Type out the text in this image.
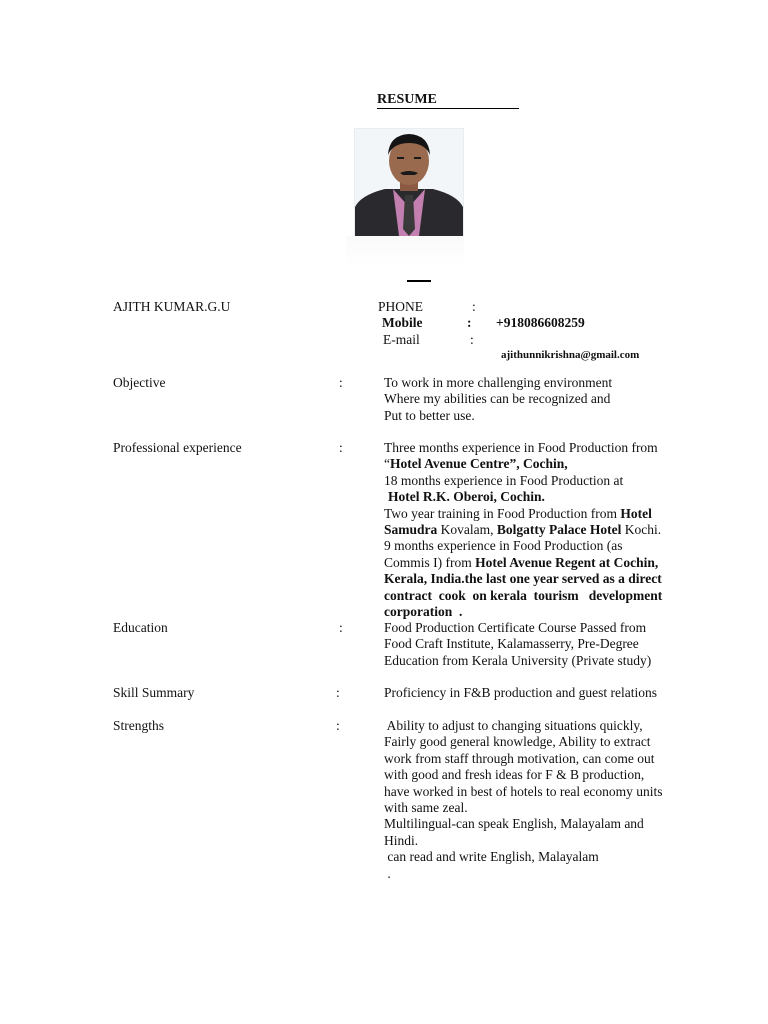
RESUME
AJITH KUMAR.G.U	PHONE	:
Mobile	: +918086608259
E-mail	:
ajithunnikrishna@gmail.com
Objective	:	To work in more challenging environment
Where my abilities can be recognized and
Put to better use.
Professional experience	:	Three months experience in Food Production from
“Hotel Avenue Centre”, Cochin,
18 months experience in Food Production at
Hotel R.K. Oberoi, Cochin.
Two year training in Food Production from Hotel
Samudra Kovalam, Bolgatty Palace Hotel Kochi.
9 months experience in Food Production (as
Commis I) from Hotel Avenue Regent at Cochin,
Kerala, India.the last one year served as a direct
contract  cook  on kerala  tourism   development
corporation  .
Education	:	Food Production Certificate Course Passed from
Food Craft Institute, Kalamasserry, Pre-Degree
Education from Kerala University (Private study)
Skill Summary	:	Proficiency in F&B production and guest relations
Strengths	:	Ability to adjust to changing situations quickly,
Fairly good general knowledge, Ability to extract
work from staff through motivation, can come out
with good and fresh ideas for F & B production,
have worked in best of hotels to real economy units
with same zeal.
Multilingual-can speak English, Malayalam and
Hindi.
can read and write English, Malayalam
.
